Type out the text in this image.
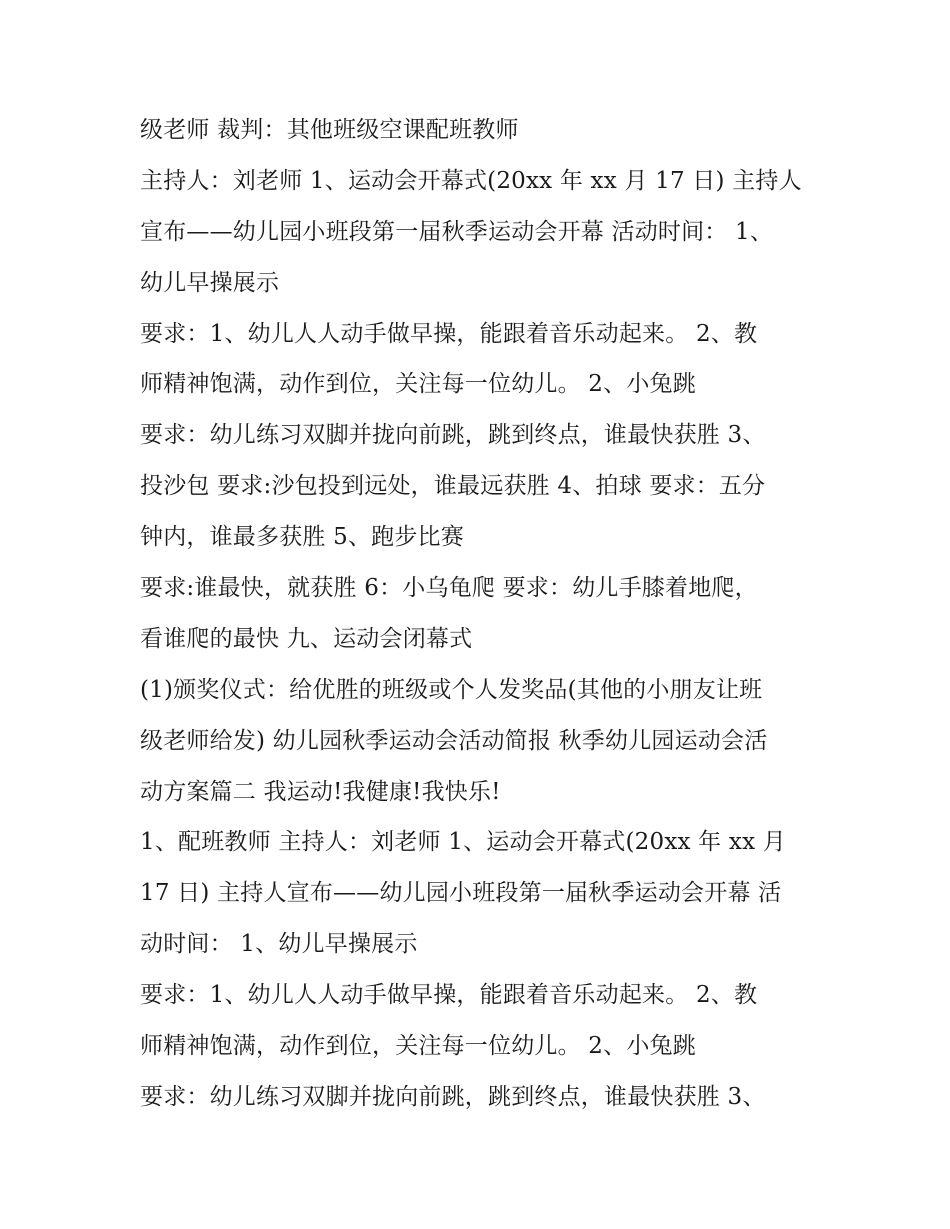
级老师 裁判：其他班级空课配班教师
主持人：刘老师 1、运动会开幕式(20xx 年 xx 月 17 日) 主持人
宣布——幼儿园小班段第一届秋季运动会开幕 活动时间： 1、
幼儿早操展示
要求：1、幼儿人人动手做早操，能跟着音乐动起来。 2、教
师精神饱满，动作到位，关注每一位幼儿。 2、小兔跳
要求：幼儿练习双脚并拢向前跳，跳到终点，谁最快获胜 3、
投沙包 要求:沙包投到远处，谁最远获胜 4、拍球 要求：五分
钟内，谁最多获胜 5、跑步比赛
要求:谁最快，就获胜 6：小乌龟爬 要求：幼儿手膝着地爬，
看谁爬的最快 九、运动会闭幕式
(1)颁奖仪式：给优胜的班级或个人发奖品(其他的小朋友让班
级老师给发) 幼儿园秋季运动会活动简报 秋季幼儿园运动会活
动方案篇二 我运动!我健康!我快乐!
1、配班教师 主持人：刘老师 1、运动会开幕式(20xx 年 xx 月
17 日) 主持人宣布——幼儿园小班段第一届秋季运动会开幕 活
动时间： 1、幼儿早操展示
要求：1、幼儿人人动手做早操，能跟着音乐动起来。 2、教
师精神饱满，动作到位，关注每一位幼儿。 2、小兔跳
要求：幼儿练习双脚并拢向前跳，跳到终点，谁最快获胜 3、
